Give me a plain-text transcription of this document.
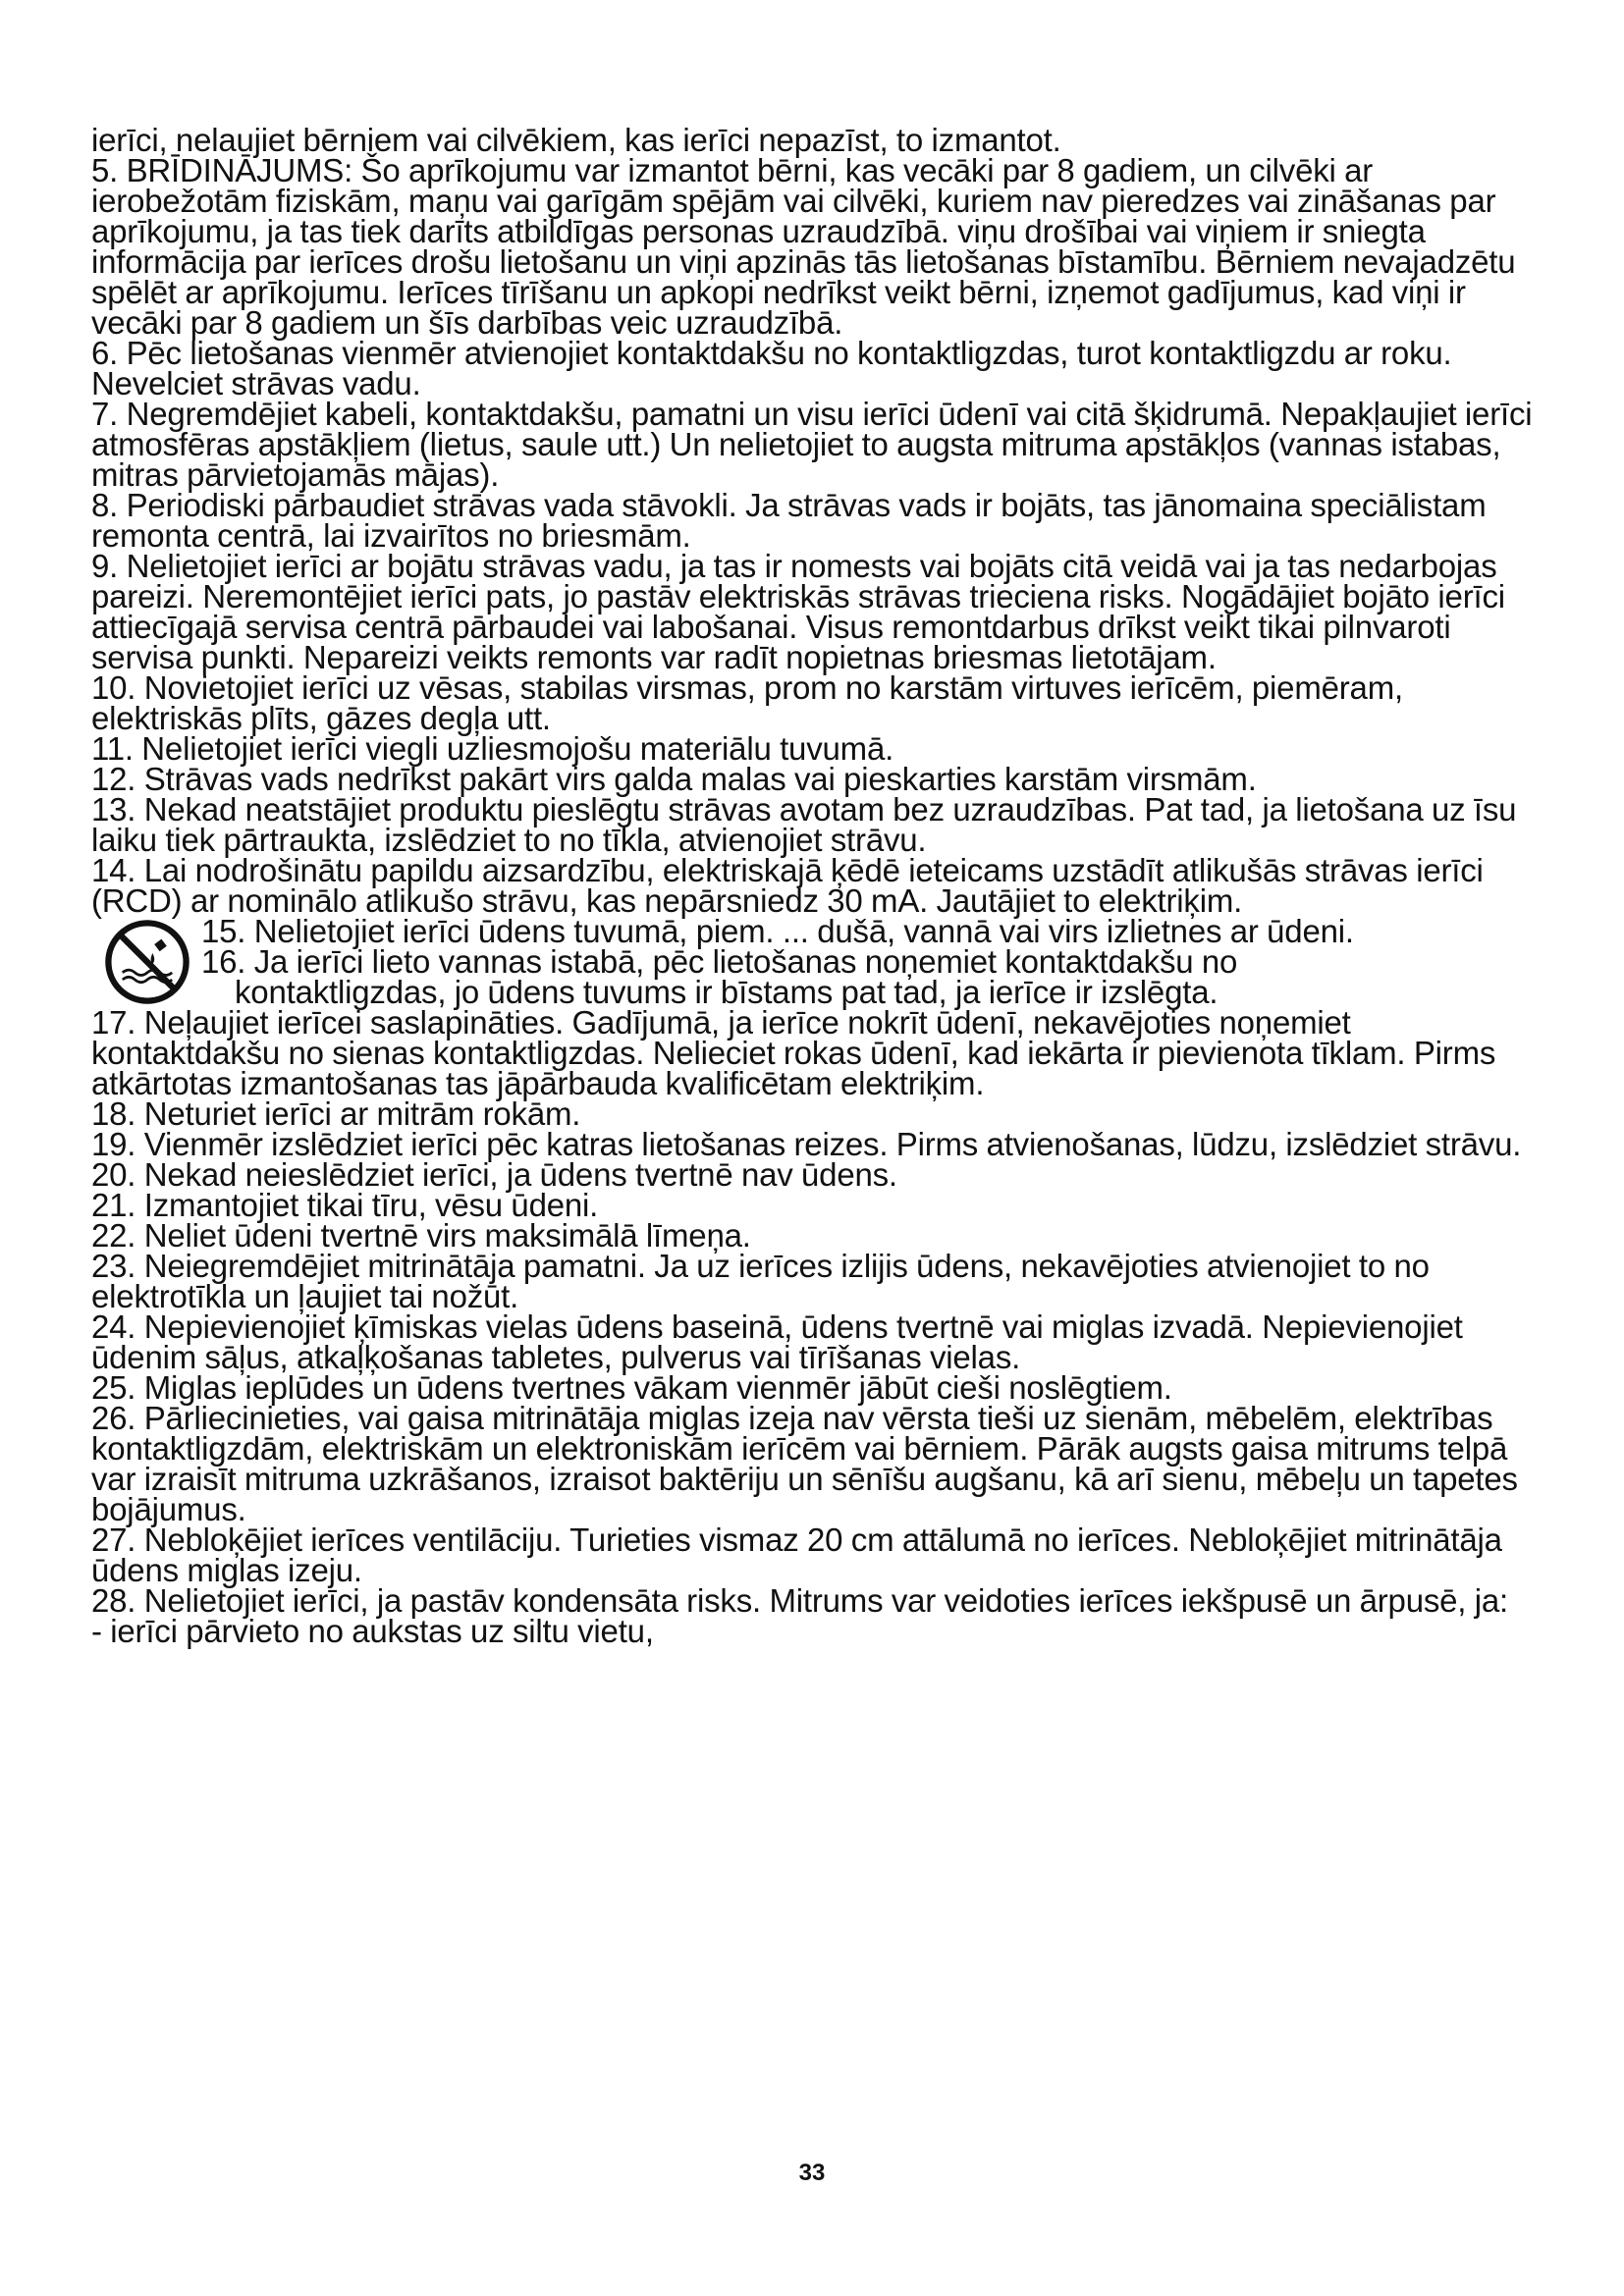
ierīci, nelaujiet bērniem vai cilvēkiem, kas ierīci nepazīst, to izmantot.

5. BRĪDINĀJUMS: Šo aprīkojumu var izmantot bērni, kas vecāki par 8 gadiem, un cilvēki ar ierobežotām fiziskām, maņu vai garīgām spējām vai cilvēki, kuriem nav pieredzes vai zināšanas par aprīkojumu, ja tas tiek darīts atbildīgas personas uzraudzībā. viņu drošībai vai viņiem ir sniegta informācija par ierīces drošu lietošanu un viņi apzinās tās lietošanas bīstamību. Bērniem nevajadzētu spēlēt ar aprīkojumu. Ierīces tīrīšanu un apkopi nedrīkst veikt bērni, izņemot gadījumus, kad viņi ir vecāki par 8 gadiem un šīs darbības veic uzraudzībā.

6. Pēc lietošanas vienmēr atvienojiet kontaktdakšu no kontaktligzdas, turot kontaktligzdu ar roku. Nevelciet strāvas vadu.

7. Negremdējiet kabeli, kontaktdakšu, pamatni un visu ierīci ūdenī vai citā šķidrumā. Nepakļaujiet ierīci atmosfēras apstākļiem (lietus, saule utt.) Un nelietojiet to augsta mitruma apstākļos (vannas istabas, mitras pārvietojamās mājas).

8. Periodiski pārbaudiet strāvas vada stāvokli. Ja strāvas vads ir bojāts, tas jānomaina speciālistam remonta centrā, lai izvairītos no briesmām.

9. Nelietojiet ierīci ar bojātu strāvas vadu, ja tas ir nomests vai bojāts citā veidā vai ja tas nedarbojas pareizi. Neremontējiet ierīci pats, jo pastāv elektriskās strāvas trieciena risks. Nogādājiet bojāto ierīci attiecīgajā servisa centrā pārbaudei vai labošanai. Visus remontdarbus drīkst veikt tikai pilnvaroti servisa punkti. Nepareizi veikts remonts var radīt nopietnas briesmas lietotājam.

10. Novietojiet ierīci uz vēsas, stabilas virsmas, prom no karstām virtuves ierīcēm, piemēram, elektriskās plīts, gāzes degļa utt.

11. Nelietojiet ierīci viegli uzliesmojošu materiālu tuvumā.

12. Strāvas vads nedrīkst pakārt virs galda malas vai pieskarties karstām virsmām.

13. Nekad neatstājiet produktu pieslēgtu strāvas avotam bez uzraudzības. Pat tad, ja lietošana uz īsu laiku tiek pārtraukta, izslēdziet to no tīkla, atvienojiet strāvu.

14. Lai nodrošinātu papildu aizsardzību, elektriskajā ķēdē ieteicams uzstādīt atlikušās strāvas ierīci (RCD) ar nominālo atlikušo strāvu, kas nepārsniedz 30 mA. Jautājiet to elektriķim.

15. Nelietojiet ierīci ūdens tuvumā, piem. ... dušā, vannā vai virs izlietnes ar ūdeni.

16. Ja ierīci lieto vannas istabā, pēc lietošanas noņemiet kontaktdakšu no

kontaktligzdas, jo ūdens tuvums ir bīstams pat tad, ja ierīce ir izslēgta.

17. Neļaujiet ierīcei saslapināties. Gadījumā, ja ierīce nokrīt ūdenī, nekavējoties noņemiet kontaktdakšu no sienas kontaktligzdas. Nelieciet rokas ūdenī, kad iekārta ir pievienota tīklam. Pirms atkārtotas izmantošanas tas jāpārbauda kvalificētam elektriķim.

18. Neturiet ierīci ar mitrām rokām.

19. Vienmēr izslēdziet ierīci pēc katras lietošanas reizes. Pirms atvienošanas, lūdzu, izslēdziet strāvu.

20. Nekad neieslēdziet ierīci, ja ūdens tvertnē nav ūdens.

21. Izmantojiet tikai tīru, vēsu ūdeni.

22. Neliet ūdeni tvertnē virs maksimālā līmeņa.

23. Neiegremdējiet mitrinātāja pamatni. Ja uz ierīces izlijis ūdens, nekavējoties atvienojiet to no elektrotīkla un ļaujiet tai nožūt.

24. Nepievienojiet ķīmiskas vielas ūdens baseinā, ūdens tvertnē vai miglas izvadā. Nepievienojiet ūdenim sāļus, atkaļķošanas tabletes, pulverus vai tīrīšanas vielas.

25. Miglas ieplūdes un ūdens tvertnes vākam vienmēr jābūt cieši noslēgtiem.

26. Pārliecinieties, vai gaisa mitrinātāja miglas izeja nav vērsta tieši uz sienām, mēbelēm, elektrības kontaktligzdām, elektriskām un elektroniskām ierīcēm vai bērniem. Pārāk augsts gaisa mitrums telpā var izraisīt mitruma uzkrāšanos, izraisot baktēriju un sēnīšu augšanu, kā arī sienu, mēbeļu un tapetes bojājumus.

27. Nebloķējiet ierīces ventilāciju. Turieties vismaz 20 cm attālumā no ierīces. Nebloķējiet mitrinātāja ūdens miglas izeju.

28. Nelietojiet ierīci, ja pastāv kondensāta risks. Mitrums var veidoties ierīces iekšpusē un ārpusē, ja:

- ierīci pārvieto no aukstas uz siltu vietu,

33
